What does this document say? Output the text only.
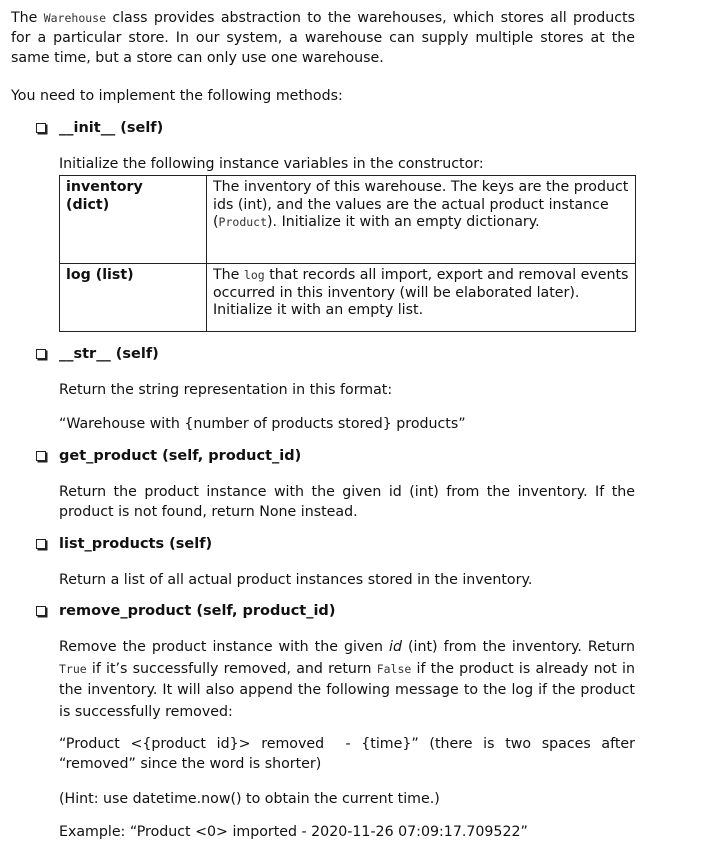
The Warehouse class provides abstraction to the warehouses, which stores all products for a particular store. In our system, a warehouse can supply multiple stores at the same time, but a store can only use one warehouse.

You need to implement the following methods:

__init__ (self)

Initialize the following instance variables in the constructor:

inventory
(dict)	The inventory of this warehouse. The keys are the product ids (int), and the values are the actual product instance (Product). Initialize it with an empty dictionary.
log (list)	The log that records all import, export and removal events occurred in this inventory (will be elaborated later). Initialize it with an empty list.
__str__ (self)

Return the string representation in this format:

“Warehouse with {number of products stored} products”

get_product (self, product_id)

Return the product instance with the given id (int) from the inventory. If the product is not found, return None instead.

list_products (self)

Return a list of all actual product instances stored in the inventory.

remove_product (self, product_id)

Remove the product instance with the given id (int) from the inventory. Return True if it’s successfully removed, and return False if the product is already not in the inventory. It will also append the following message to the log if the product is successfully removed:

“Product <{product id}> removed  - {time}” (there is two spaces after “removed” since the word is shorter)

(Hint: use datetime.now() to obtain the current time.)

Example: “Product <0> imported - 2020-11-26 07:09:17.709522”
